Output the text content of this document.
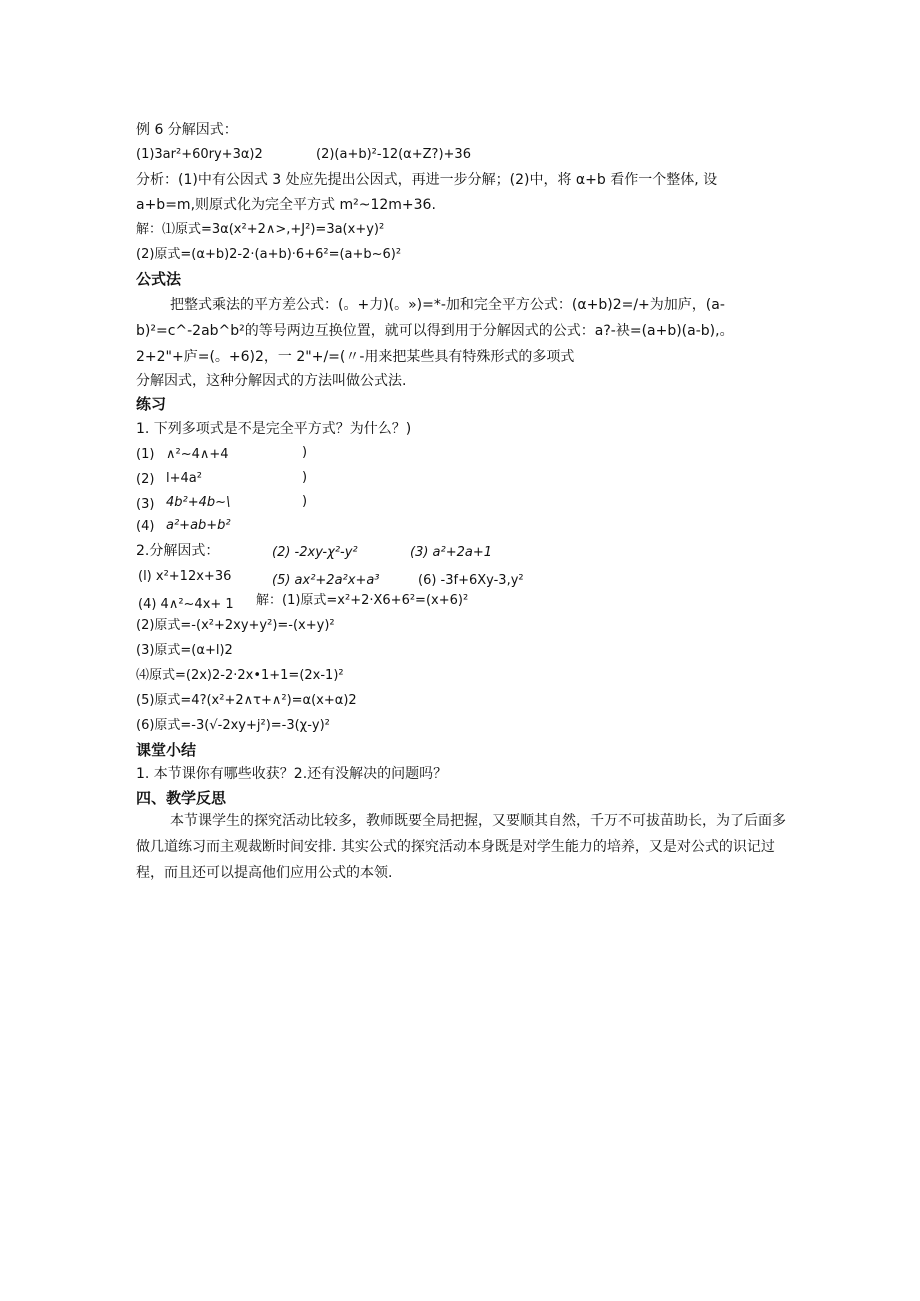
例 6 分解因式：
(1)3ar²+60ry+3α)2	(2)(a+b)²-12(α+Z?)+36
分析：(1)中有公因式 3 处应先提出公因式，再进一步分解；(2)中，将 α+b 看作一个整体, 设
a+b=m,则原式化为完全平方式 m²~12m+36.
解：⑴原式=3α(x²+2∧>,+J²)=3a(x+y)²
(2)原式=(α+b)2-2·(a+b)·6+6²=(a+b~6)²
公式法

把整式乘法的平方差公式：(。+力)(。»)=*-加和完全平方公式：(α+b)2=/+为加庐，(a-b)²=c^-2ab^b²的等号两边互换位置，就可以得到用于分解因式的公式：a?-袂=(a+b)(a-b),。2+2"+庐=(。+6)2，一 2"+/=(〃-用来把某些具有特殊形式的多项式

分解因式，这种分解因式的方法叫做公式法.
练习
1. 下列多项式是不是完全平方式？为什么？)
(1) ∧²~4∧+4	)
(2) l+4a²	)
(3) 4b²+4b~\	)
(4) a²+ab+b²
2.分解因式：	(2) -2xy-χ²-y²	(3) a²+2a+1
(l) x²+12x+36	(5) ax²+2a²x+a³	(6) -3f+6Xy-3,y²
(4) 4∧²~4x+ 1 解：(1)原式=x²+2·X6+6²=(x+6)²
(2)原式=-(x²+2xy+y²)=-(x+y)²
(3)原式=(α+l)2
⑷原式=(2x)2-2·2x•1+1=(2x-1)²
(5)原式=4?(x²+2∧τ+∧²)=α(x+α)2
(6)原式=-3(√-2xy+j²)=-3(χ-y)²
课堂小结
1. 本节课你有哪些收获？2.还有没解决的问题吗？
四、教学反思

本节课学生的探究活动比较多，教师既要全局把握，又要顺其自然，千万不可拔苗助长，为了后面多做几道练习而主观裁断时间安排. 其实公式的探究活动本身既是对学生能力的培养，又是对公式的识记过程，而且还可以提高他们应用公式的本领.
